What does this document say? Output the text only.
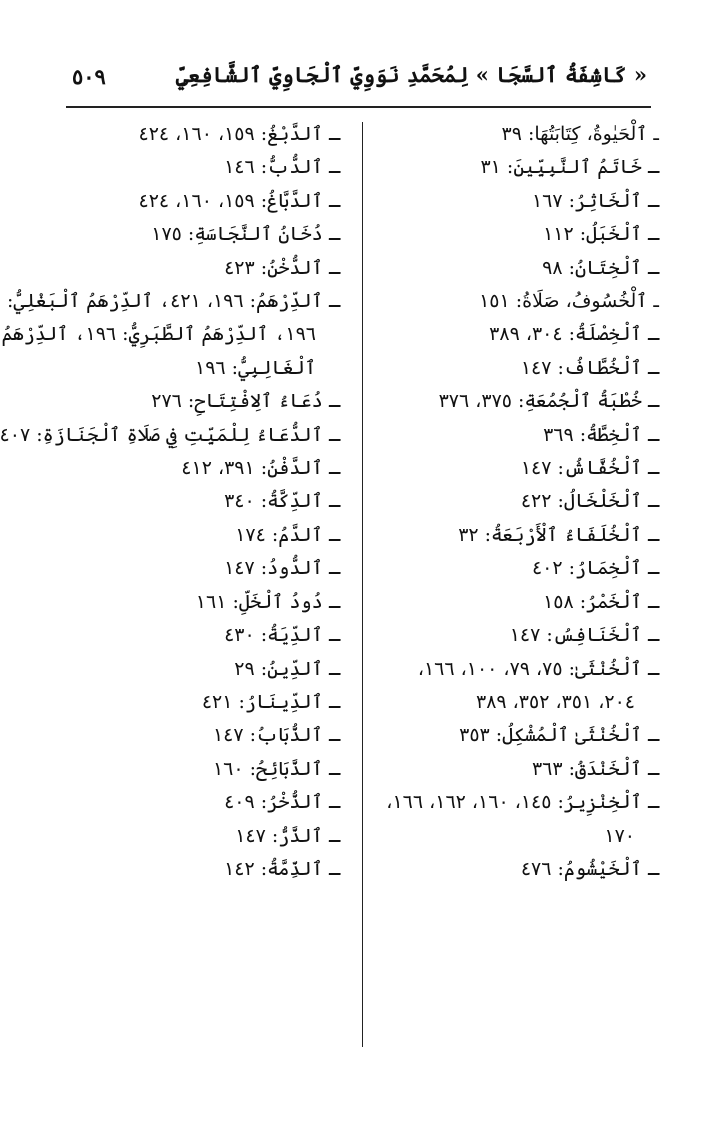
« كَاشِفَةُ ٱلسَّجَا » لِمُحَمَّدِ نَوَوِيِّ ٱلْجَاوِيِّ ٱلشَّافِعِيِّ
٥٠٩
ـ ٱلْحَيٰوةُ، كِتَابَتُهَا: ٣٩
ـ خَاتَمُ ٱلنَّبِيِّينَ: ٣١
ـ ٱلْخَاثِرُ: ١٦٧
ـ ٱلْخَبَلُ: ١١٢
ـ ٱلْخِتَانُ: ٩٨
ـ ٱلْخُسُوفُ، صَلَاةُ: ١٥١
ـ ٱلْخِصْلَةُ: ٣٠٤، ٣٨٩
ـ ٱلْخُطَّافُ: ١٤٧
ـ خُطْبَةُ ٱلْجُمُعَةِ: ٣٧٥، ٣٧٦
ـ ٱلْخِطَّةُ: ٣٦٩
ـ ٱلْخُفَّاشُ: ١٤٧
ـ ٱلْخَلْخَالُ: ٤٢٢
ـ ٱلْخُلَفَاءُ ٱلْأَرْبَعَةُ: ٣٢
ـ ٱلْخِمَارُ: ٤٠٢
ـ ٱلْخَمْرُ: ١٥٨
ـ ٱلْخَنَافِسُ: ١٤٧
ـ ٱلْخُنْثَىٰ: ٧٥، ٧٩، ١٠٠، ١٦٦،
٢٠٤، ٣٥١، ٣٥٢، ٣٨٩
ـ ٱلْخُنْثَىٰ ٱلْمُشْكِلُ: ٣٥٣
ـ ٱلْخَنْدَقُ: ٣٦٣
ـ ٱلْخِنْزِيرُ: ١٤٥، ١٦٠، ١٦٢، ١٦٦،
١٧٠
ـ ٱلْخَيْشُومُ: ٤٧٦
ـ ٱلدَّبْغُ: ١٥٩، ١٦٠، ٤٢٤
ـ ٱلدُّبُّ: ١٤٦
ـ ٱلدَّبَّاغُ: ١٥٩، ١٦٠، ٤٢٤
ـ دُخَانُ ٱلنَّجَاسَةِ: ١٧٥
ـ ٱلدُّخْنُ: ٤٢٣
ـ ٱلدِّرْهَمُ: ١٩٦، ٤٢١، ٱلدِّرْهَمُ ٱلْبَغْلِيُّ:
١٩٦، ٱلدِّرْهَمُ ٱلطَّبَرِيُّ: ١٩٦، ٱلدِّرْهَمُ
ٱلْغَالِبِيُّ: ١٩٦
ـ دُعَاءُ ٱلِافْتِتَاحِ: ٢٧٦
ـ ٱلدُّعَاءُ لِلْمَيِّتِ فِي صَلَاةِ ٱلْجَنَازَةِ: ٤٠٧
ـ ٱلدَّفْنُ: ٣٩١، ٤١٢
ـ ٱلدِّكَّةُ: ٣٤٠
ـ ٱلدَّمُ: ١٧٤
ـ ٱلدُّودُ: ١٤٧
ـ دُودُ ٱلْخَلِّ: ١٦١
ـ ٱلدِّيَةُ: ٤٣٠
ـ ٱلدِّينُ: ٢٩
ـ ٱلدِّينَارُ: ٤٢١
ـ ٱلذُّبَابُ: ١٤٧
ـ ٱلذَّبَائِحُ: ١٦٠
ـ ٱلذُّخْرُ: ٤٠٩
ـ ٱلذَّرُّ: ١٤٧
ـ ٱلذِّمَّةُ: ١٤٢
